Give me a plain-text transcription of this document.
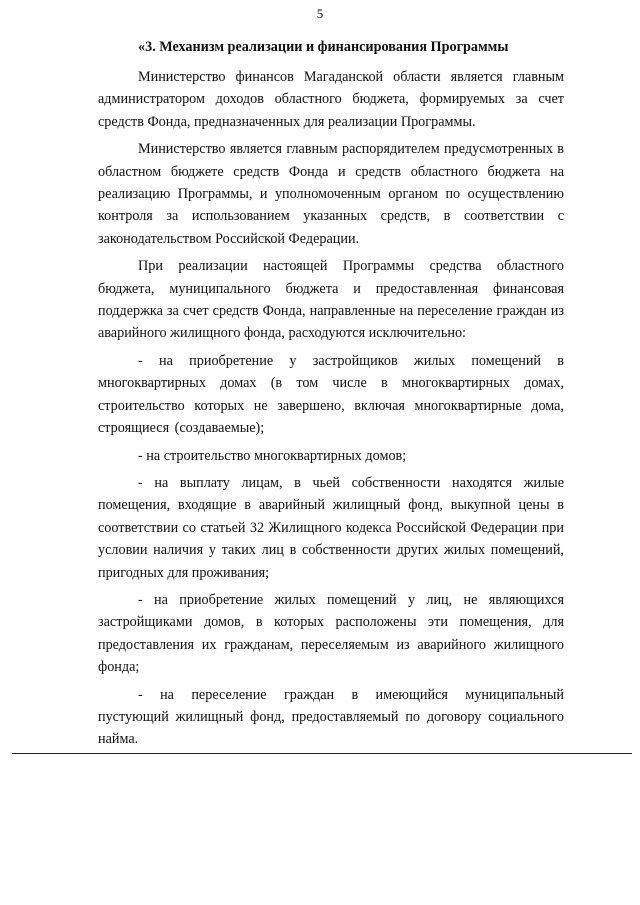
5
«3. Механизм реализации и финансирования Программы

Министерство финансов Магаданской области является главным администратором доходов областного бюджета, формируемых за счет средств Фонда, предназначенных для реализации Программы.

Министерство является главным распорядителем предусмотренных в областном бюджете средств Фонда и средств областного бюджета на реализацию Программы, и уполномоченным органом по осуществлению контроля за использованием указанных средств, в соответствии с законодательством Российской Федерации.

При реализации настоящей Программы средства областного бюджета, муниципального бюджета и предоставленная финансовая поддержка за счет средств Фонда, направленные на переселение граждан из аварийного жилищного фонда, расходуются исключительно:

- на приобретение у застройщиков жилых помещений в многоквартирных домах (в том числе в многоквартирных домах, строительство которых не завершено, включая многоквартирные дома, строящиеся (создаваемые);

- на строительство многоквартирных домов;

- на выплату лицам, в чьей собственности находятся жилые помещения, входящие в аварийный жилищный фонд, выкупной цены в соответствии со статьей 32 Жилищного кодекса Российской Федерации при условии наличия у таких лиц в собственности других жилых помещений, пригодных для проживания;

- на приобретение жилых помещений у лиц, не являющихся застройщиками домов, в которых расположены эти помещения, для предоставления их гражданам, переселяемым из аварийного жилищного фонда;

- на переселение граждан в имеющийся муниципальный пустующий жилищный фонд, предоставляемый по договору социального найма.
